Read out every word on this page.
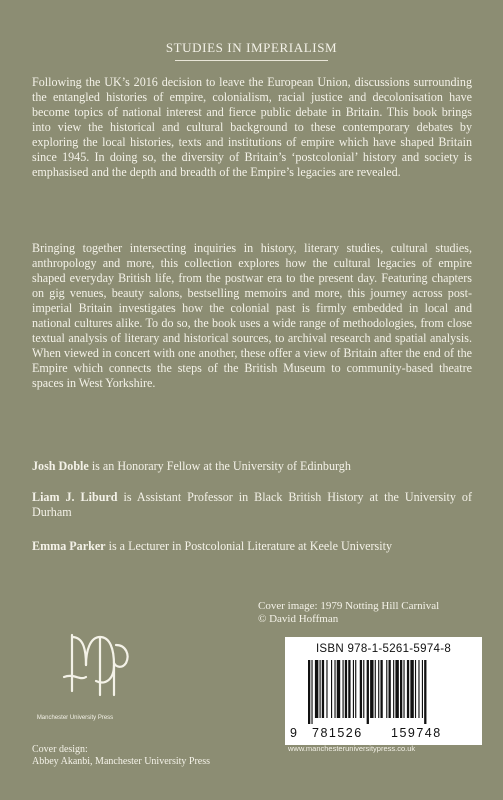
STUDIES IN IMPERIALISM

Following the UK’s 2016 decision to leave the European Union, discussions surrounding the entangled histories of empire, colonialism, racial justice and decolonisation have become topics of national interest and fierce public debate in Britain. This book brings into view the historical and cultural background to these contemporary debates by exploring the local histories, texts and institutions of empire which have shaped Britain since 1945. In doing so, the diversity of Britain’s ‘postcolonial’ history and society is emphasised and the depth and breadth of the Empire’s legacies are revealed.

Bringing together intersecting inquiries in history, literary studies, cultural studies, anthropology and more, this collection explores how the cultural legacies of empire shaped everyday British life, from the postwar era to the present day. Featuring chapters on gig venues, beauty salons, bestselling memoirs and more, this journey across post-imperial Britain investigates how the colonial past is firmly embedded in local and national cultures alike. To do so, the book uses a wide range of methodologies, from close textual analysis of literary and historical sources, to archival research and spatial analysis. When viewed in concert with one another, these offer a view of Britain after the end of the Empire which connects the steps of the British Museum to community-based theatre spaces in West Yorkshire.

Josh Doble is an Honorary Fellow at the University of Edinburgh

Liam J. Liburd is Assistant Professor in Black British History at the University of Durham

Emma Parker is a Lecturer in Postcolonial Literature at Keele University

Cover image: 1979 Notting Hill Carnival
© David Hoffman
Manchester University Press
Cover design:
Abbey Akanbi, Manchester University Press
ISBN 978-1-5261-5974-8
9 781526 159748
www.manchesteruniversitypress.co.uk
